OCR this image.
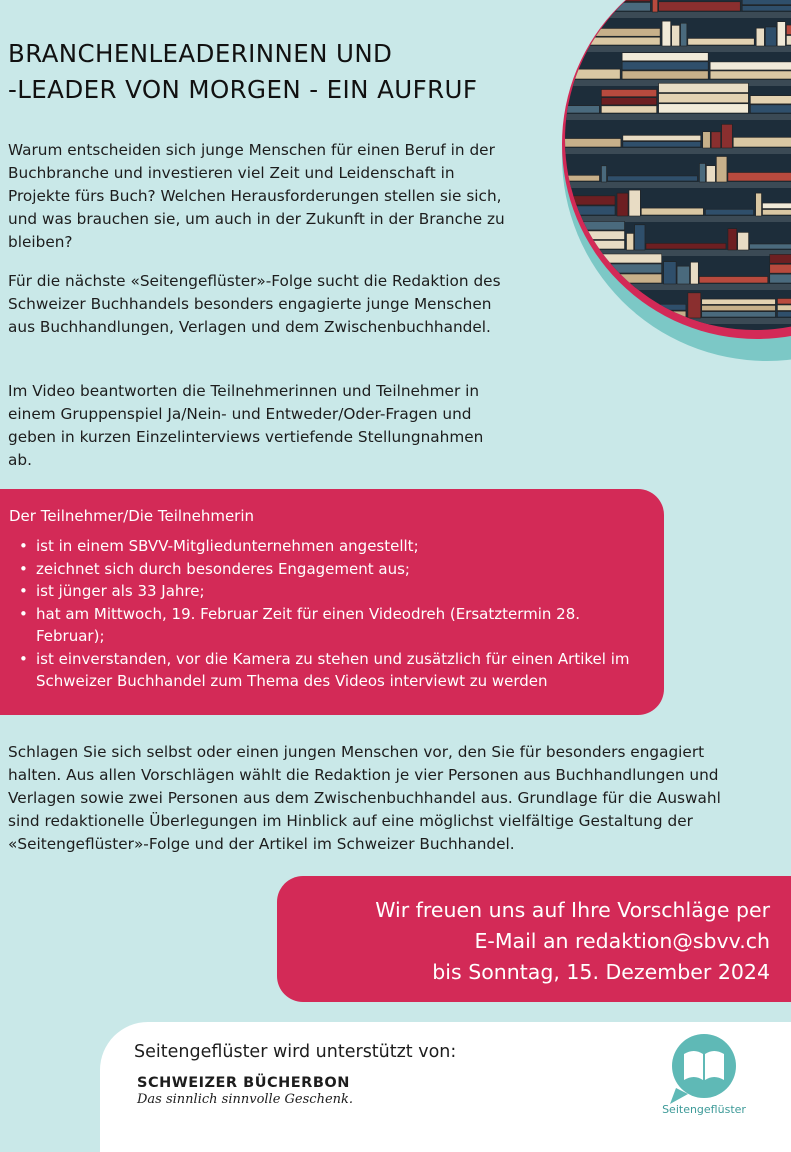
BRANCHENLEADERINNEN UND
-LEADER VON MORGEN - EIN AUFRUF

Warum entscheiden sich junge Menschen für einen Beruf in der Buchbranche und investieren viel Zeit und Leidenschaft in Projekte fürs Buch? Welchen Herausforderungen stellen sie sich, und was brauchen sie, um auch in der Zukunft in der Branche zu bleiben?

Für die nächste «Seitengeflüster»-Folge sucht die Redaktion des Schweizer Buchhandels besonders engagierte junge Menschen aus Buchhandlungen, Verlagen und dem Zwischenbuchhandel.

Im Video beantworten die Teilnehmerinnen und Teilnehmer in einem Gruppenspiel Ja/Nein- und Entweder/Oder-Fragen und geben in kurzen Einzelinterviews vertiefende Stellungnahmen ab.

Der Teilnehmer/Die Teilnehmerin

• ist in einem SBVV-Mitgliedunternehmen angestellt;
• zeichnet sich durch besonderes Engagement aus;
• ist jünger als 33 Jahre;
• hat am Mittwoch, 19. Februar Zeit für einen Videodreh (Ersatztermin 28. Februar);
• ist einverstanden, vor die Kamera zu stehen und zusätzlich für einen Artikel im Schweizer Buchhandel zum Thema des Videos interviewt zu werden

Schlagen Sie sich selbst oder einen jungen Menschen vor, den Sie für besonders engagiert halten. Aus allen Vorschlägen wählt die Redaktion je vier Personen aus Buchhandlungen und Verlagen sowie zwei Personen aus dem Zwischenbuchhandel aus. Grundlage für die Auswahl sind redaktionelle Überlegungen im Hinblick auf eine möglichst vielfältige Gestaltung der «Seitengeflüster»-Folge und der Artikel im Schweizer Buchhandel.

Wir freuen uns auf Ihre Vorschläge per
E-Mail an redaktion@sbvv.ch
bis Sonntag, 15. Dezember 2024

Seitengeflüster wird unterstützt von:

SCHWEIZER BÜCHERBON
Das sinnlich sinnvolle Geschenk.
Seitengeflüster
